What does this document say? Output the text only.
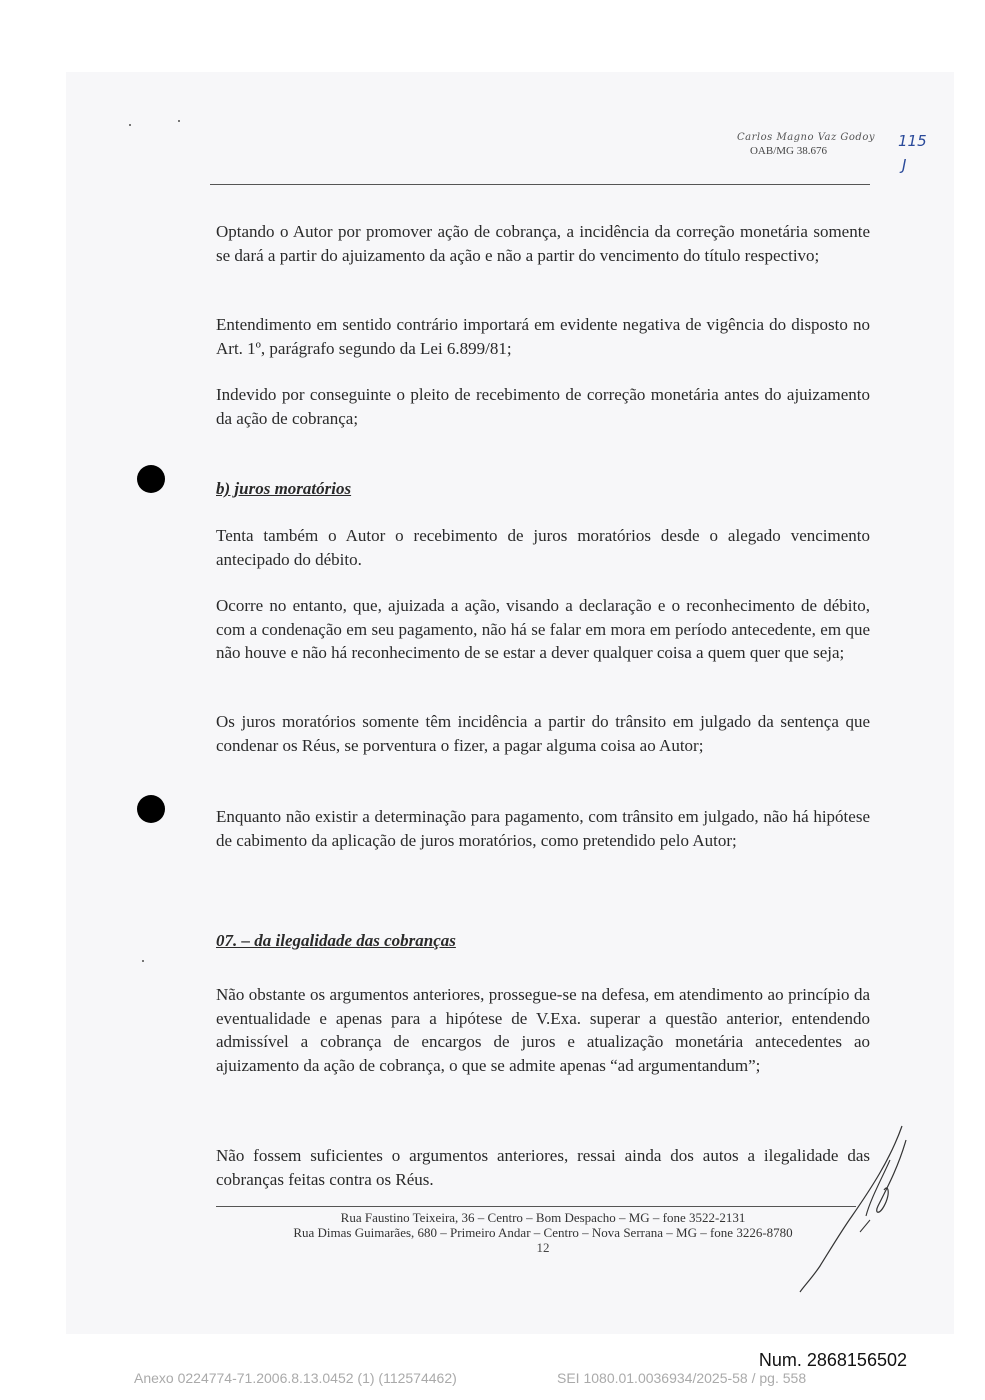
Carlos Magno Vaz Godoy
OAB/MG 38.676
115
J

Optando o Autor por promover ação de cobrança, a incidência da correção monetária somente se dará a partir do ajuizamento da ação e não a partir do vencimento do título respectivo;

Entendimento em sentido contrário importará em evidente negativa de vigência do disposto no Art. 1º, parágrafo segundo da Lei 6.899/81;

Indevido por conseguinte o pleito de recebimento de correção monetária antes do ajuizamento da ação de cobrança;

b) juros moratórios

Tenta também o Autor o recebimento de juros moratórios desde o alegado vencimento antecipado do débito.

Ocorre no entanto, que, ajuizada a ação, visando a declaração e o reconhecimento de débito, com a condenação em seu pagamento, não há se falar em mora em período antecedente, em que não houve e não há reconhecimento de se estar a dever qualquer coisa a quem quer que seja;

Os juros moratórios somente têm incidência a partir do trânsito em julgado da sentença que condenar os Réus, se porventura o fizer, a pagar alguma coisa ao Autor;

Enquanto não existir a determinação para pagamento, com trânsito em julgado, não há hipótese de cabimento da aplicação de juros moratórios, como pretendido pelo Autor;

07. – da ilegalidade das cobranças

Não obstante os argumentos anteriores, prossegue-se na defesa, em atendimento ao princípio da eventualidade e apenas para a hipótese de V.Exa. superar a questão anterior, entendendo admissível a cobrança de encargos de juros e atualização monetária antecedentes ao ajuizamento da ação de cobrança, o que se admite apenas “ad argumentandum”;

Não fossem suficientes o argumentos anteriores, ressai ainda dos autos a ilegalidade das cobranças feitas contra os Réus.

Rua Faustino Teixeira, 36 – Centro – Bom Despacho – MG – fone 3522-2131
Rua Dimas Guimarães, 680 – Primeiro Andar – Centro – Nova Serrana – MG – fone 3226-8780
12
Num. 2868156502
Anexo 0224774-71.2006.8.13.0452 (1) (112574462)	SEI 1080.01.0036934/2025-58 / pg. 558
